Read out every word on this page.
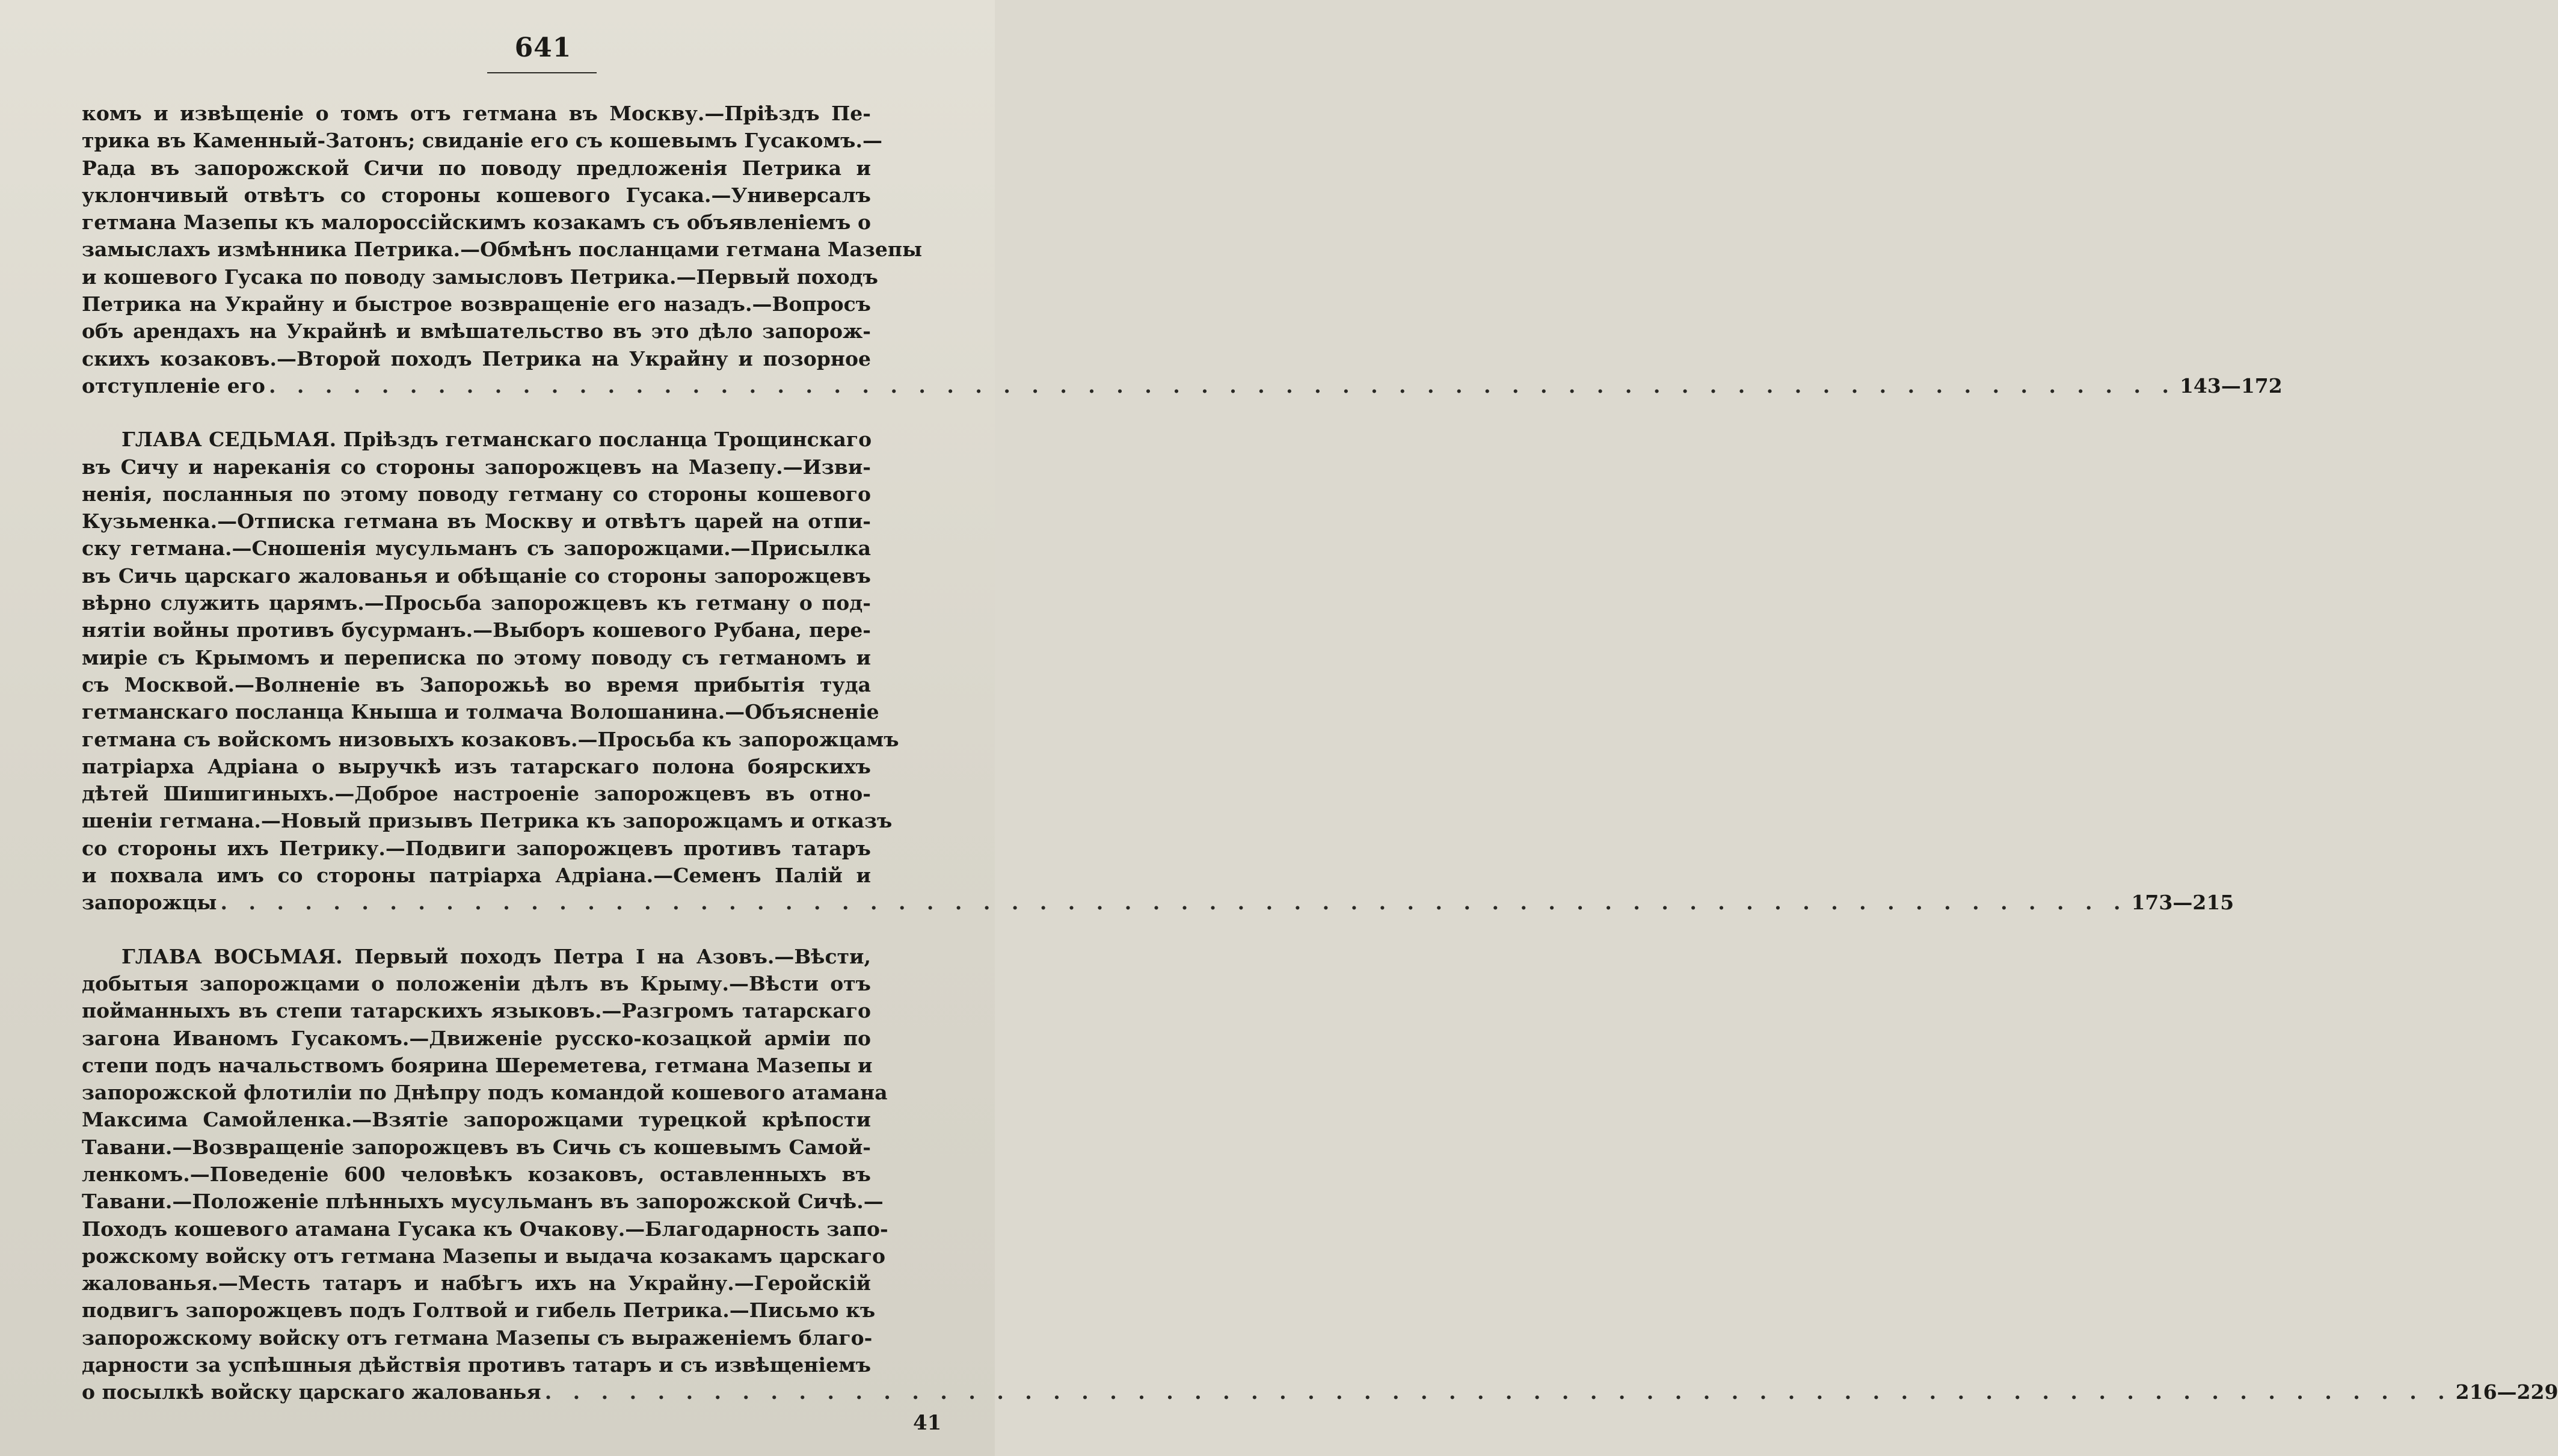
641
комъ и извѣщеніе о томъ отъ гетмана въ Москву.—Пріѣздъ Пе-
трика въ Каменный-Затонъ; свиданіе его съ кошевымъ Гусакомъ.—
Рада въ запорожской Сичи по поводу предложенія Петрика и
уклончивый отвѣтъ со стороны кошевого Гусака.—Универсалъ
гетмана Мазепы къ малороссійскимъ козакамъ съ объявленіемъ о
замыслахъ измѣнника Петрика.—Обмѣнъ посланцами гетмана Мазепы
и кошевого Гусака по поводу замысловъ Петрика.—Первый походъ
Петрика на Украйну и быстрое возвращеніе его назадъ.—Вопросъ
объ арендахъ на Украйнѣ и вмѣшательство въ это дѣло запорож-
скихъ козаковъ.—Второй походъ Петрика на Украйну и позорное
отступленіе его . . . . . . . . . . . . . . . . . . . . . . . . . . . . . . . . . . . . . . . . . . . . . . . . . . . . . . . . . . . . . . . . . . . . 143—172
ГЛАВА СЕДЬМАЯ. Пріѣздъ гетманскаго посланца Трощинскаго
въ Сичу и нареканія со стороны запорожцевъ на Мазепу.—Изви-
ненія, посланныя по этому поводу гетману со стороны кошевого
Кузьменка.—Отписка гетмана въ Москву и отвѣтъ царей на отпи-
ску гетмана.—Сношенія мусульманъ съ запорожцами.—Присылка
въ Сичь царскаго жалованья и обѣщаніе со стороны запорожцевъ
вѣрно служить царямъ.—Просьба запорожцевъ къ гетману о под-
нятіи войны противъ бусурманъ.—Выборъ кошевого Рубана, пере-
миріе съ Крымомъ и переписка по этому поводу съ гетманомъ и
съ Москвой.—Волненіе въ Запорожьѣ во время прибытія туда
гетманскаго посланца Кныша и толмача Волошанина.—Объясненіе
гетмана съ войскомъ низовыхъ козаковъ.—Просьба къ запорожцамъ
патріарха Адріана о выручкѣ изъ татарскаго полона боярскихъ
дѣтей Шишигиныхъ.—Доброе настроеніе запорожцевъ въ отно-
шеніи гетмана.—Новый призывъ Петрика къ запорожцамъ и отказъ
со стороны ихъ Петрику.—Подвиги запорожцевъ противъ татаръ
и похвала имъ со стороны патріарха Адріана.—Семенъ Палій и
запорожцы . . . . . . . . . . . . . . . . . . . . . . . . . . . . . . . . . . . . . . . . . . . . . . . . . . . . . . . . . . . . . . . . . . . . 173—215
ГЛАВА ВОСЬМАЯ. Первый походъ Петра I на Азовъ.—Вѣсти,
добытыя запорожцами о положеніи дѣлъ въ Крыму.—Вѣсти отъ
пойманныхъ въ степи татарскихъ языковъ.—Разгромъ татарскаго
загона Иваномъ Гусакомъ.—Движеніе русско-козацкой арміи по
степи подъ начальствомъ боярина Шереметева, гетмана Мазепы и
запорожской флотиліи по Днѣпру подъ командой кошевого атамана
Максима Самойленка.—Взятіе запорожцами турецкой крѣпости
Тавани.—Возвращеніе запорожцевъ въ Сичь съ кошевымъ Самой-
ленкомъ.—Поведеніе 600 человѣкъ козаковъ, оставленныхъ въ
Тавани.—Положеніе плѣнныхъ мусульманъ въ запорожской Сичѣ.—
Походъ кошевого атамана Гусака къ Очакову.—Благодарность запо-
рожскому войску отъ гетмана Мазепы и выдача козакамъ царскаго
жалованья.—Месть татаръ и набѣгъ ихъ на Украйну.—Геройскій
подвигъ запорожцевъ подъ Голтвой и гибель Петрика.—Письмо къ
запорожскому войску отъ гетмана Мазепы съ выраженіемъ благо-
дарности за успѣшныя дѣйствія противъ татаръ и съ извѣщеніемъ
о посылкѣ войску царскаго жалованья . . . . . . . . . . . . . . . . . . . . . . . . . . . . . . . . . . . . . . . . . . . . . . . . . . . . . . . . . . . . . . . . . . . . 216—229
41
